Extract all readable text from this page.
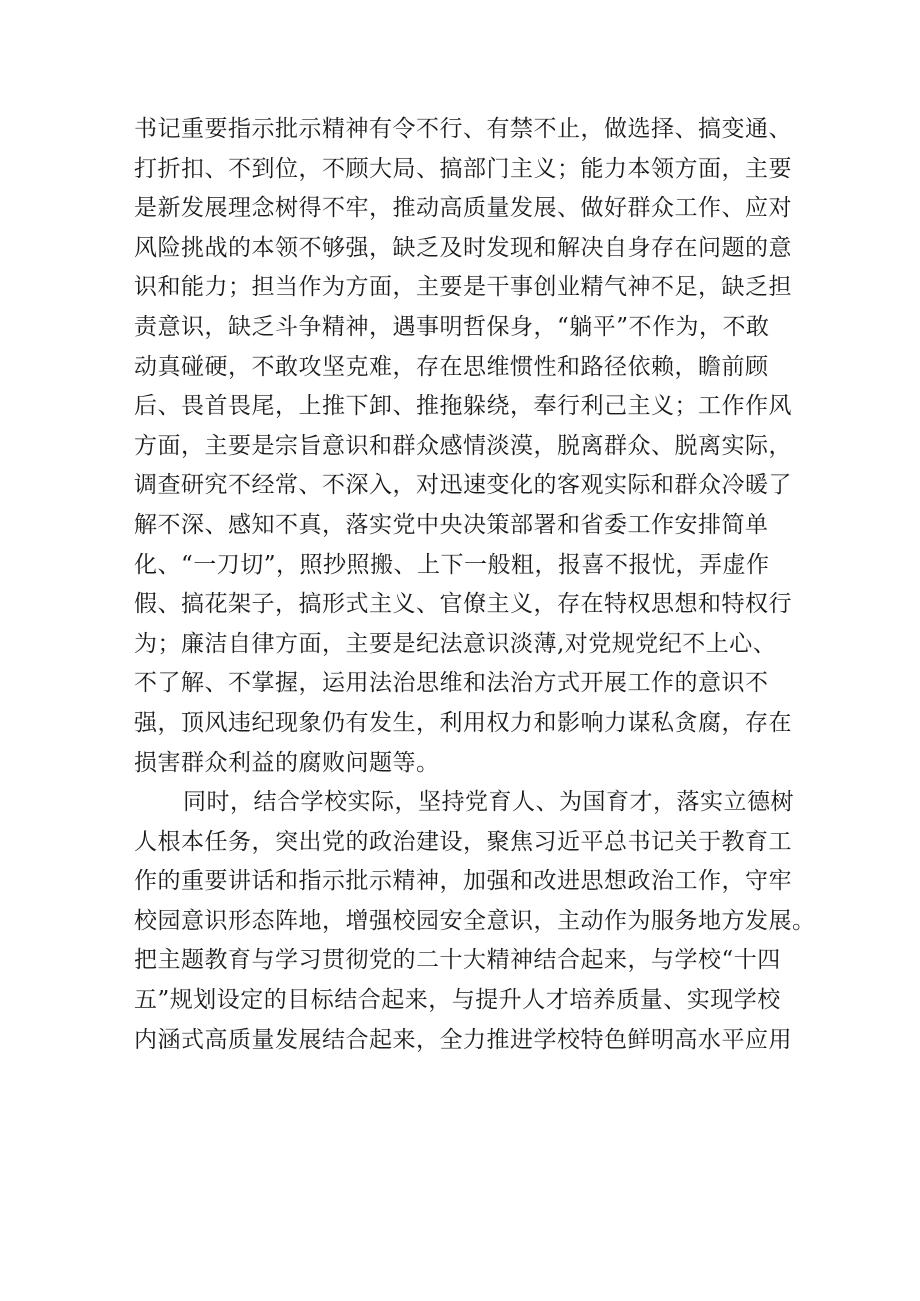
书记重要指示批示精神有令不行、有禁不止，做选择、搞变通、
打折扣、不到位，不顾大局、搞部门主义；能力本领方面，主要
是新发展理念树得不牢，推动高质量发展、做好群众工作、应对
风险挑战的本领不够强，缺乏及时发现和解决自身存在问题的意
识和能力；担当作为方面，主要是干事创业精气神不足，缺乏担
责意识，缺乏斗争精神，遇事明哲保身，“躺平”不作为，不敢
动真碰硬，不敢攻坚克难，存在思维惯性和路径依赖，瞻前顾
后、畏首畏尾，上推下卸、推拖躲绕，奉行利己主义；工作作风
方面，主要是宗旨意识和群众感情淡漠，脱离群众、脱离实际，
调查研究不经常、不深入，对迅速变化的客观实际和群众冷暖了
解不深、感知不真，落实党中央决策部署和省委工作安排简单
化、“一刀切”，照抄照搬、上下一般粗，报喜不报忧，弄虚作
假、搞花架子，搞形式主义、官僚主义，存在特权思想和特权行
为；廉洁自律方面，主要是纪法意识淡薄,对党规党纪不上心、
不了解、不掌握，运用法治思维和法治方式开展工作的意识不
强，顶风违纪现象仍有发生，利用权力和影响力谋私贪腐，存在
损害群众利益的腐败问题等。
同时，结合学校实际，坚持党育人、为国育才，落实立德树
人根本任务，突出党的政治建设，聚焦习近平总书记关于教育工
作的重要讲话和指示批示精神，加强和改进思想政治工作，守牢
校园意识形态阵地，增强校园安全意识，主动作为服务地方发展。
把主题教育与学习贯彻党的二十大精神结合起来，与学校“十四
五”规划设定的目标结合起来，与提升人才培养质量、实现学校
内涵式高质量发展结合起来，全力推进学校特色鲜明高水平应用
